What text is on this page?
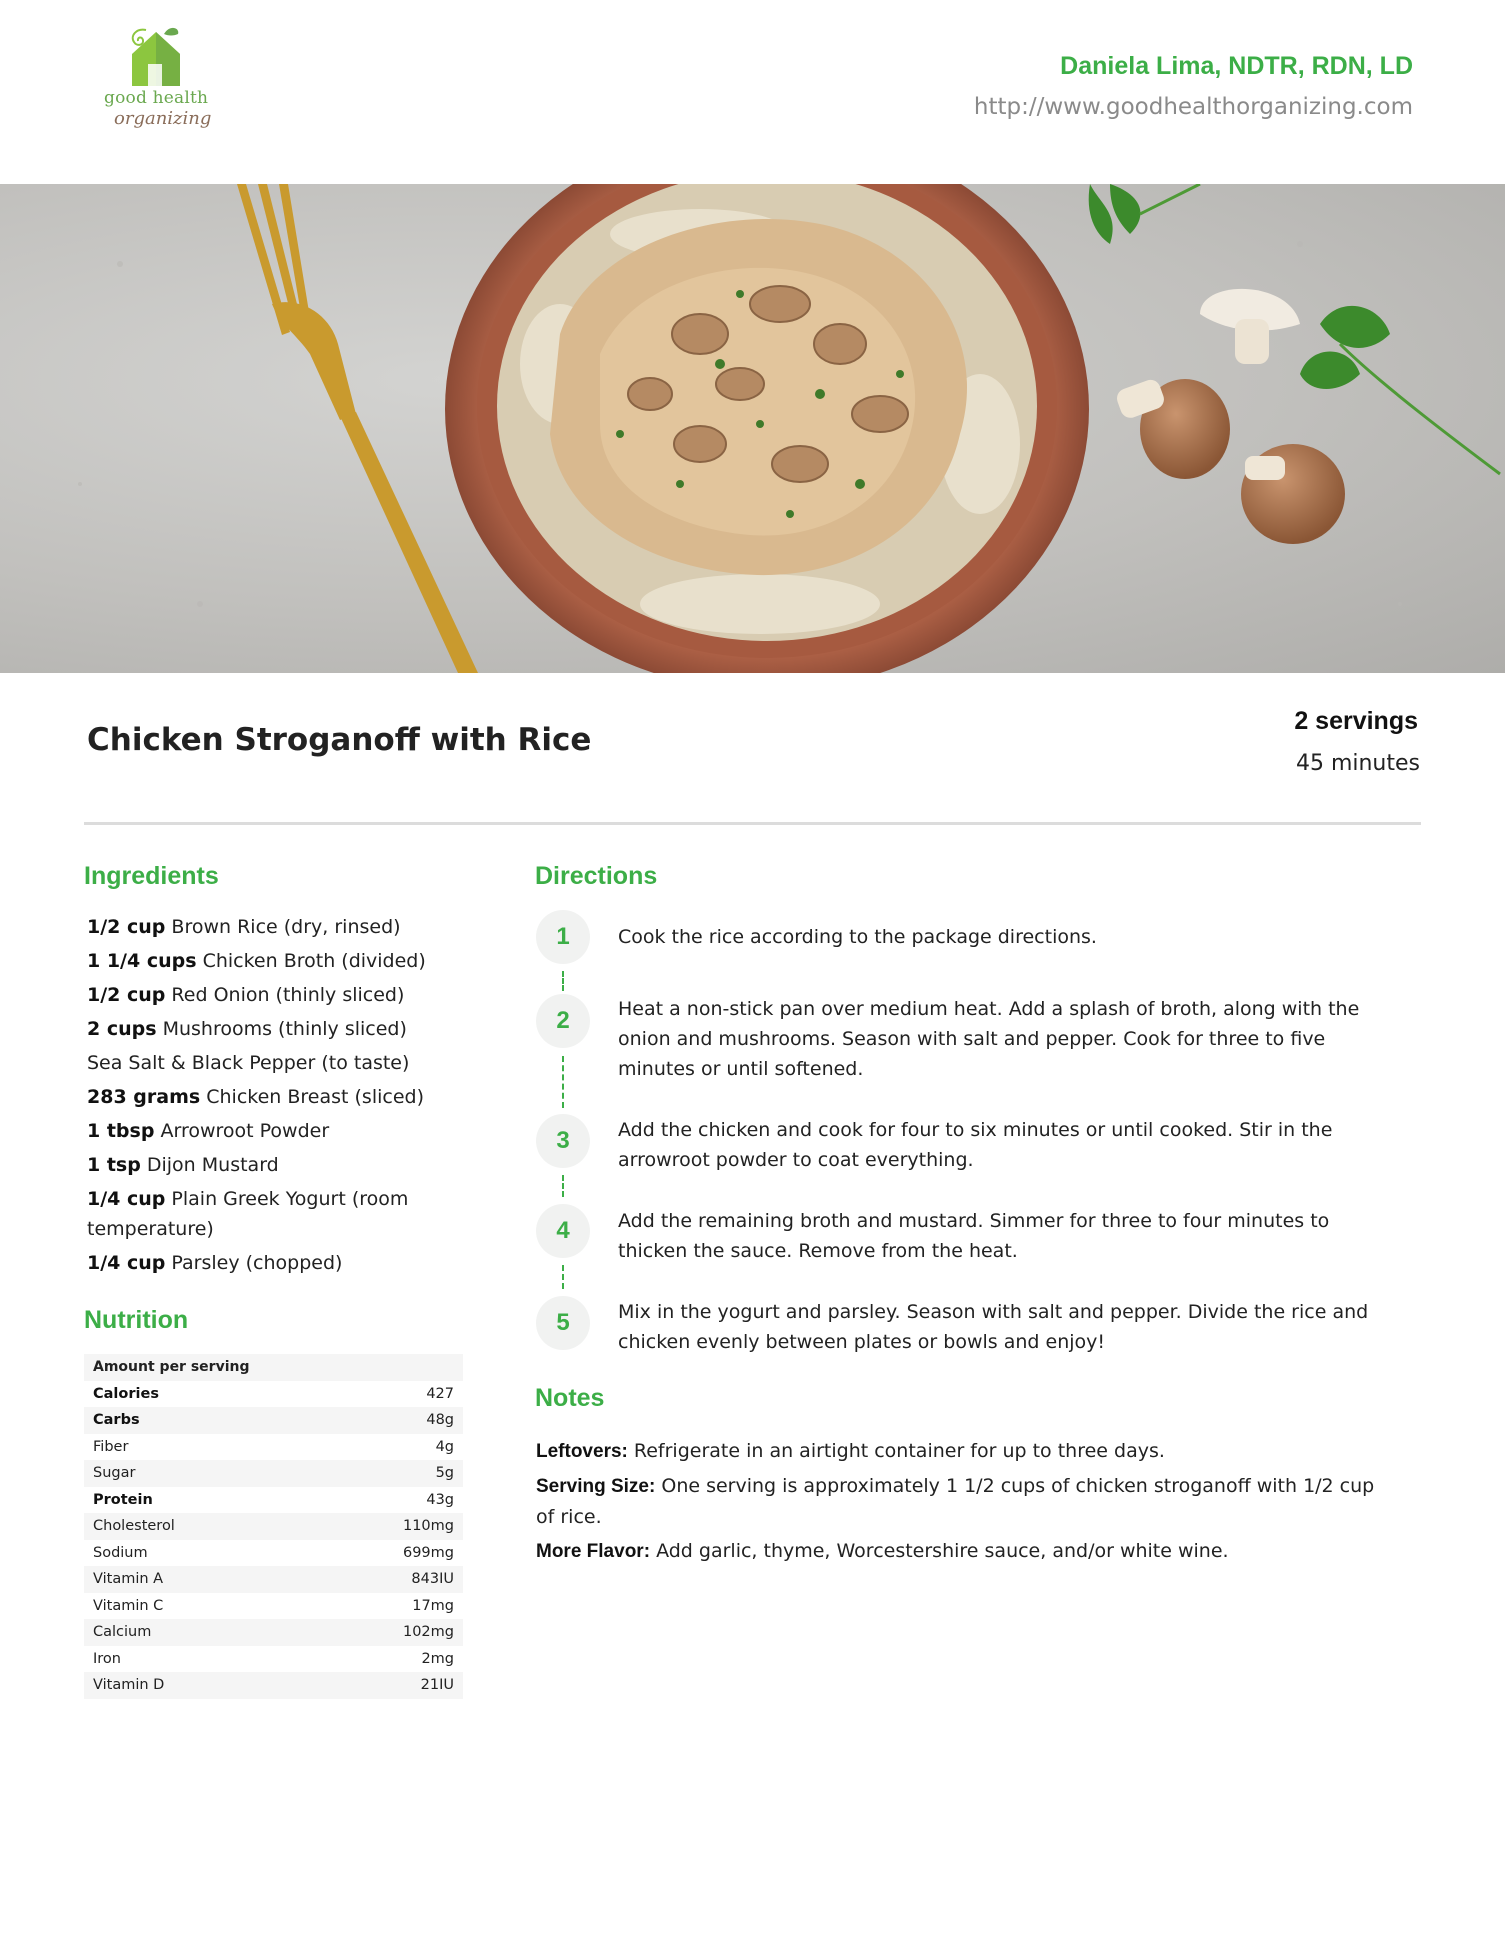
good health
organizing
Daniela Lima, NDTR, RDN, LD
http://www.goodhealthorganizing.com
Chicken Stroganoff with Rice
2 servings
45 minutes
Ingredients
1/2 cup Brown Rice (dry, rinsed)
1 1/4 cups Chicken Broth (divided)
1/2 cup Red Onion (thinly sliced)
2 cups Mushrooms (thinly sliced)
Sea Salt & Black Pepper (to taste)
283 grams Chicken Breast (sliced)
1 tbsp Arrowroot Powder
1 tsp Dijon Mustard
1/4 cup Plain Greek Yogurt (room temperature)
1/4 cup Parsley (chopped)
Nutrition
Amount per serving	
Calories	427
Carbs	48g
Fiber	4g
Sugar	5g
Protein	43g
Cholesterol	110mg
Sodium	699mg
Vitamin A	843IU
Vitamin C	17mg
Calcium	102mg
Iron	2mg
Vitamin D	21IU
Directions
1	Cook the rice according to the package directions.
2	Heat a non-stick pan over medium heat. Add a splash of broth, along with the onion and mushrooms. Season with salt and pepper. Cook for three to five minutes or until softened.
3	Add the chicken and cook for four to six minutes or until cooked. Stir in the arrowroot powder to coat everything.
4	Add the remaining broth and mustard. Simmer for three to four minutes to thicken the sauce. Remove from the heat.
5	Mix in the yogurt and parsley. Season with salt and pepper. Divide the rice and chicken evenly between plates or bowls and enjoy!
Notes

Leftovers: Refrigerate in an airtight container for up to three days.

Serving Size: One serving is approximately 1 1/2 cups of chicken stroganoff with 1/2 cup of rice.

More Flavor: Add garlic, thyme, Worcestershire sauce, and/or white wine.
